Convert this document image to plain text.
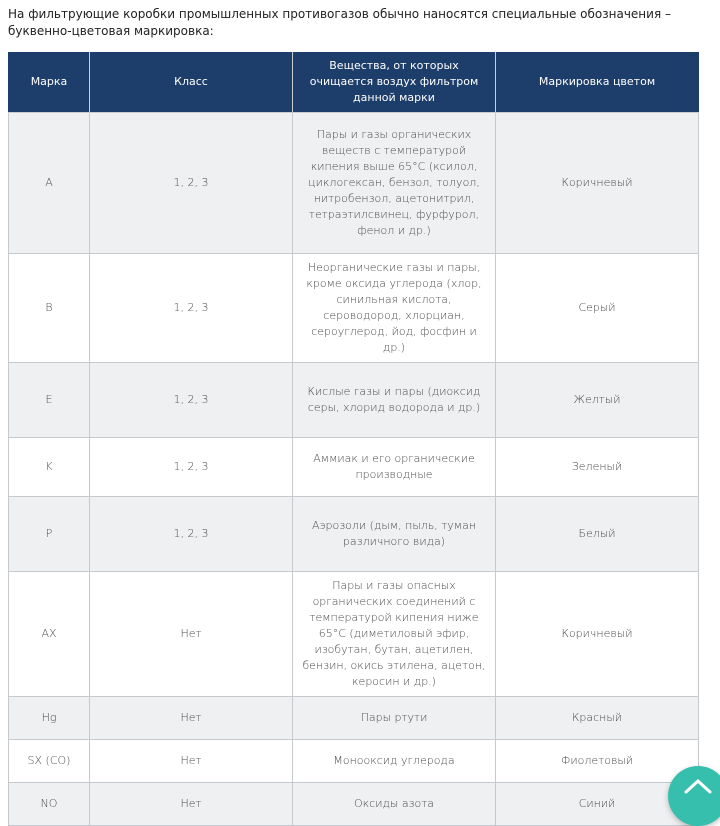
На фильтрующие коробки промышленных противогазов обычно наносятся специальные обозначения – буквенно-цветовая маркировка:
Марка	Класс	Вещества, от которых очищается воздух фильтром данной марки	Маркировка цветом
A	1, 2, 3	Пары и газы органических веществ с температурой кипения выше 65°С (ксилол, циклогексан, бензол, толуол, нитробензол, ацетонитрил, тетраэтилсвинец, фурфурол, фенол и др.)	Коричневый
B	1, 2, 3	Неорганические газы и пары, кроме оксида углерода (хлор, синильная кислота, сероводород, хлорциан, сероуглерод, йод, фосфин и др.)	Серый
E	1, 2, 3	Кислые газы и пары (диоксид серы, хлорид водорода и др.)	Желтый
K	1, 2, 3	Аммиак и его органические производные	Зеленый
P	1, 2, 3	Аэрозоли (дым, пыль, туман различного вида)	Белый
AX	Нет	Пары и газы опасных органических соединений с температурой кипения ниже 65°С (диметиловый эфир, изобутан, бутан, ацетилен, бензин, окись этилена, ацетон, керосин и др.)	Коричневый
Hg	Нет	Пары ртути	Красный
SX (CO)	Нет	Монооксид углерода	Фиолетовый
NO	Нет	Оксиды азота	Синий
